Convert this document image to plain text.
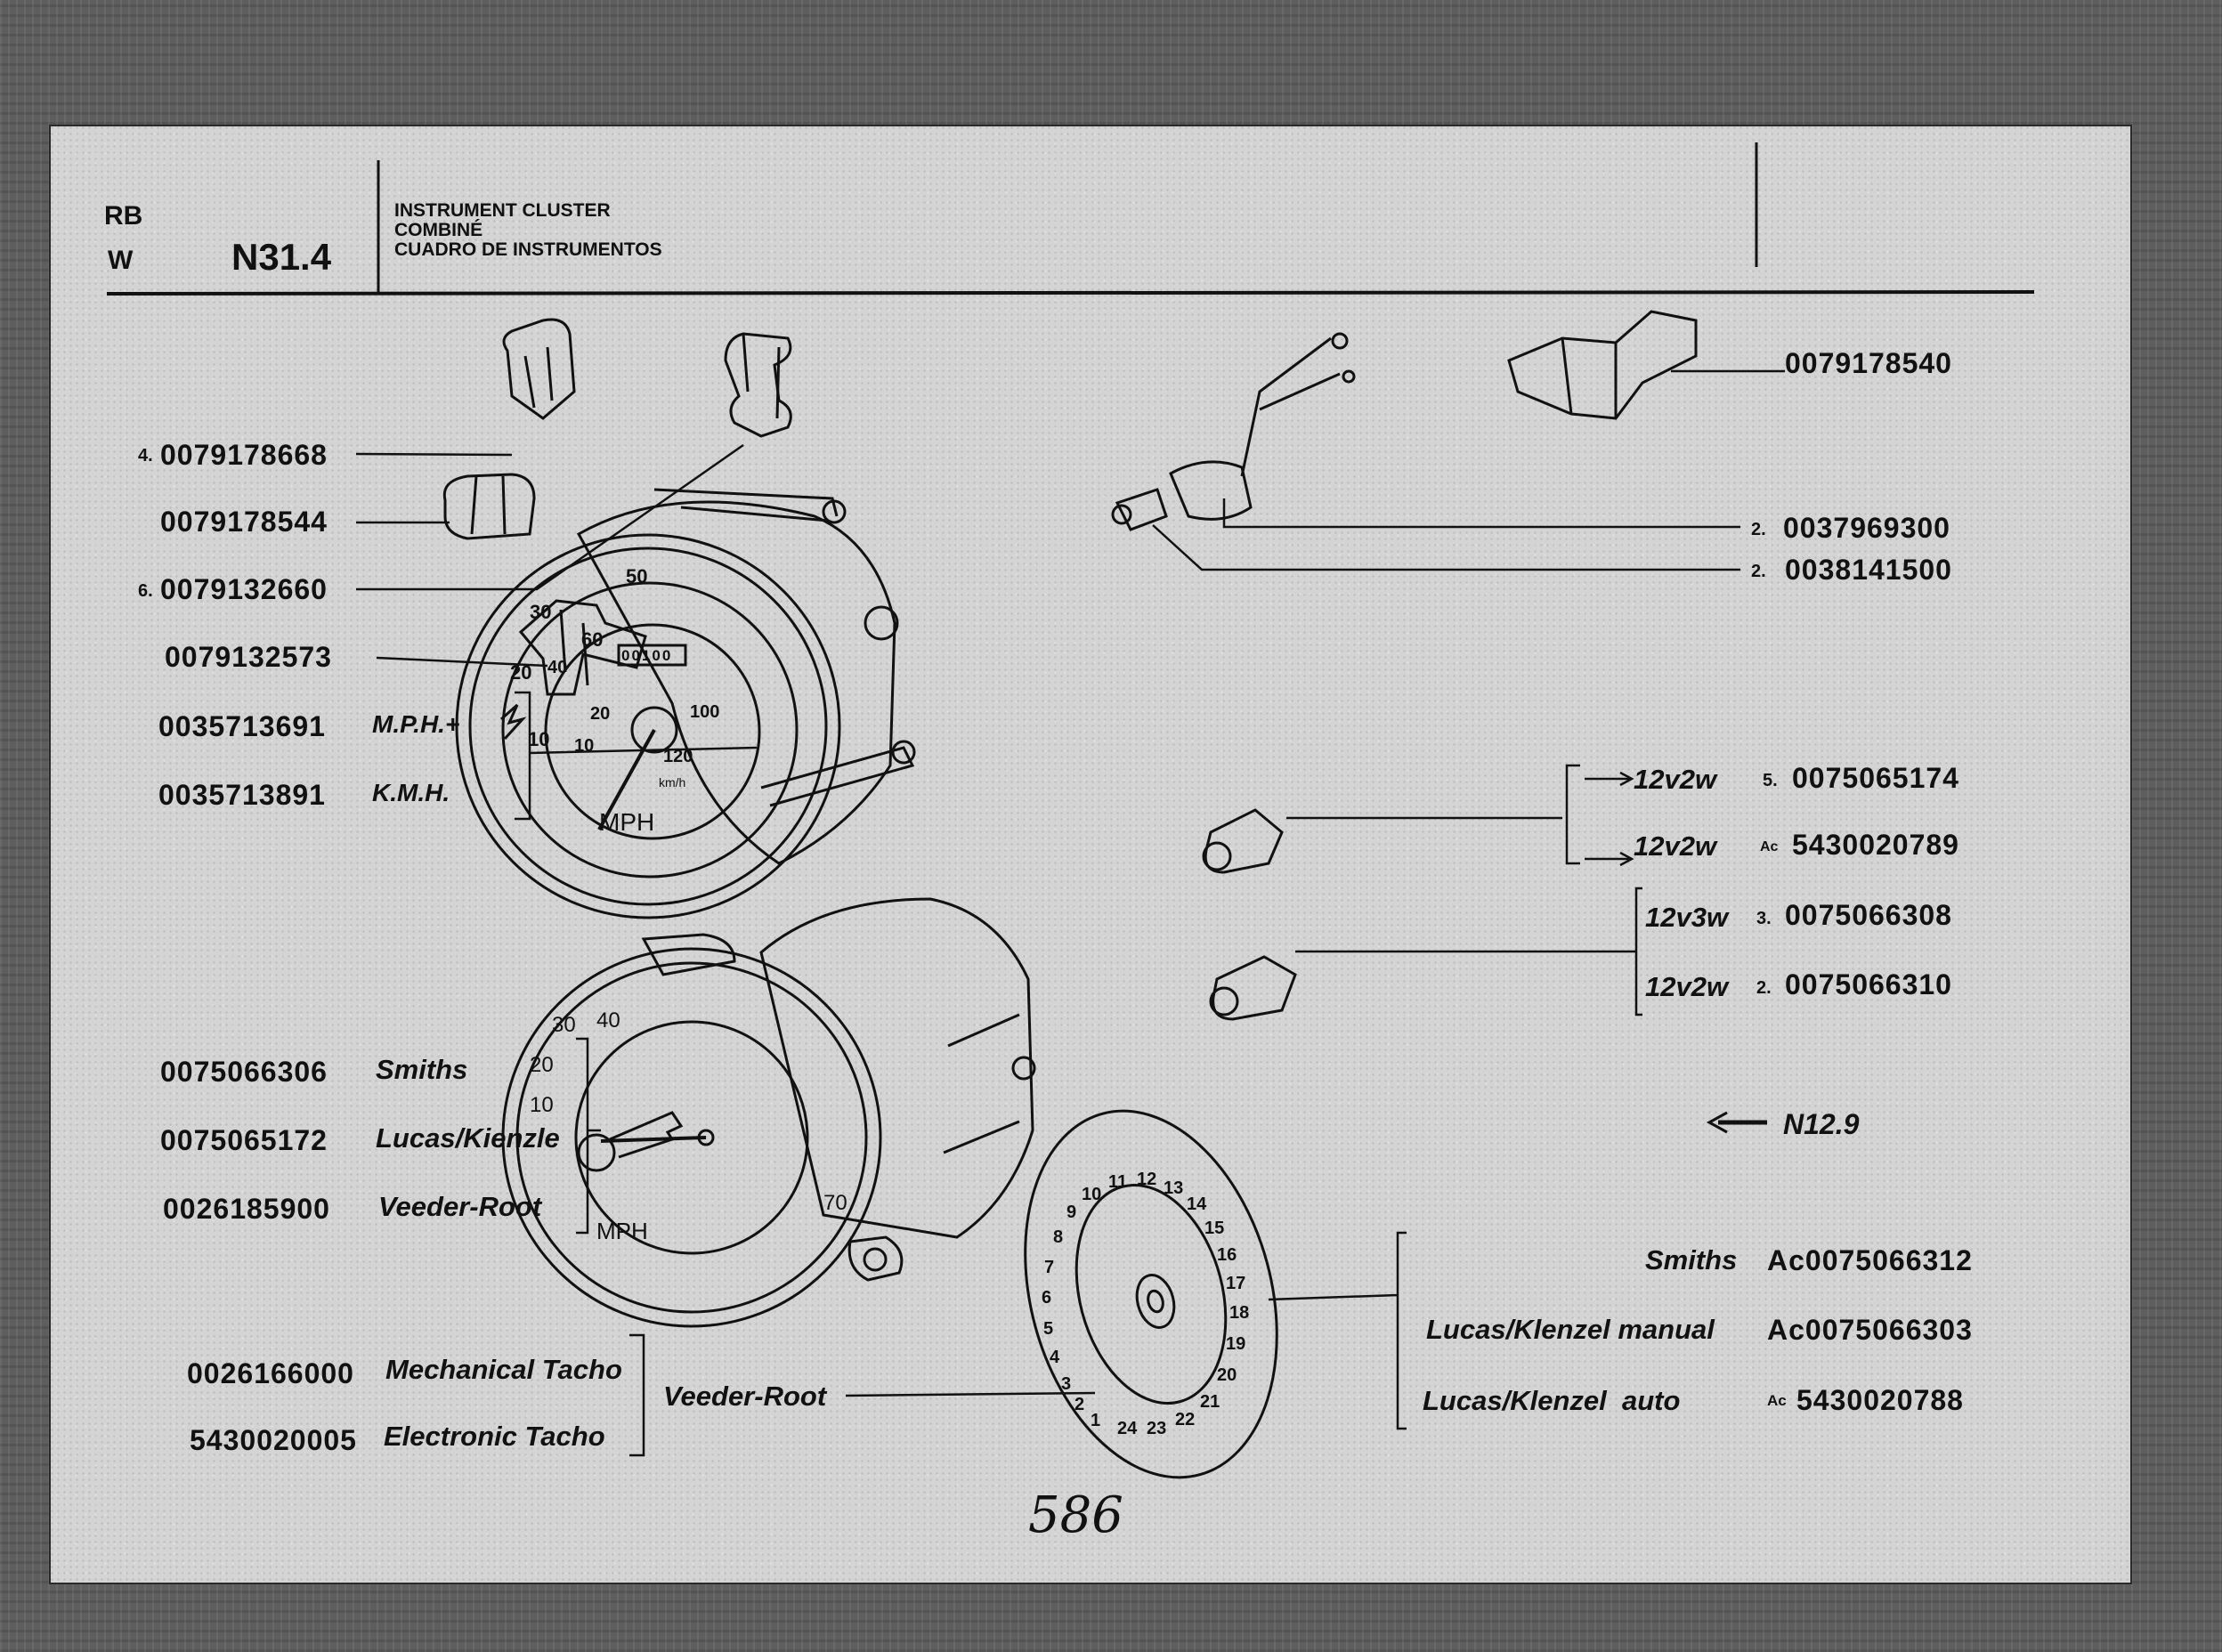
RB
W	N31.4
INSTRUMENT CLUSTER
COMBINÉ
CUADRO DE INSTRUMENTOS
4. 0079178668
0079178544
6. 0079132660
0079132573
0035713691 M.P.H.+
0035713891 K.M.H.
0075066306 Smiths
0075065172 Lucas/Kienzle
0026185900 Veeder-Root
0026166000 Mechanical Tacho
5430020005 Electronic Tacho
Veeder-Root
0079178540
2. 0037969300
2. 0038141500
12v2w	5. 0075065174
12v2w	Ac 5430020789
12v3w 3. 0075066308
12v2w 2. 0075066310
N12.9
Smiths Ac0075066312
Lucas/Klenzel manual Ac0075066303
Lucas/Klenzel  auto	Ac 5430020788
10
20
30
50
60
40
100
120
10
20
00100
MPH
km/h
30 40
20
10
70
MPH
1
2
3
4
5
6
7
8
9
10
11 12 13
14
15
16
17
18
19
20
21
22
23
24
586
